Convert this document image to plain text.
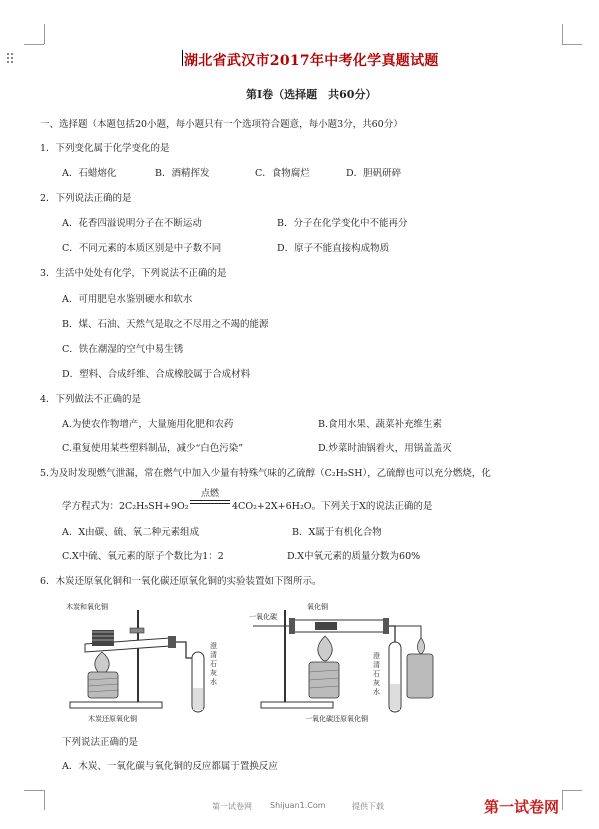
湖北省武汉市2017年中考化学真题试题
第Ⅰ卷（选择题　共60分）
一、选择题（本题包括20小题，每小题只有一个选项符合题意，每小题3分，共60分）
1．下列变化属于化学变化的是
A．石蜡熔化	B．酒精挥发	C．食物腐烂	D．胆矾研碎
2．下列说法正确的是
A．花香四溢说明分子在不断运动	B．分子在化学变化中不能再分
C．不同元素的本质区别是中子数不同	D．原子不能直接构成物质
3．生活中处处有化学，下列说法不正确的是
A．可用肥皂水鉴别硬水和软水
B．煤、石油、天然气是取之不尽用之不竭的能源
C．铁在潮湿的空气中易生锈
D．塑料、合成纤维、合成橡胶属于合成材料
4．下列做法不正确的是
A.为使农作物增产，大量施用化肥和农药	B.食用水果、蔬菜补充维生素
C.重复使用某些塑料制品，减少“白色污染”	D.炒菜时油锅着火，用锅盖盖灭
5.为及时发现燃气泄漏，常在燃气中加入少量有特殊气味的乙硫醇（C₂H₅SH），乙硫醇也可以充分燃烧，化
学方程式为：2C₂H₅SH+9O₂
点燃
4CO₂+2X+6H₂O。下列关于X的说法正确的是
A．X由碳、硫、氧二种元素组成	B．X属于有机化合物
C.X中硫、氧元素的原子个数比为1：2	D.X中氧元素的质量分数为60%
6．木炭还原氧化铜和一氧化碳还原氧化铜的实验装置如下图所示。
木炭和氧化铜
澄清石灰水
木炭还原氧化铜
一氧化碳
氧化铜
澄清石灰水
一氧化碳还原氧化铜
下列说法正确的是
A．木炭、一氧化碳与氧化铜的反应都属于置换反应
第一试卷网 Shijuan1.Com	提供下载	第一试卷网
